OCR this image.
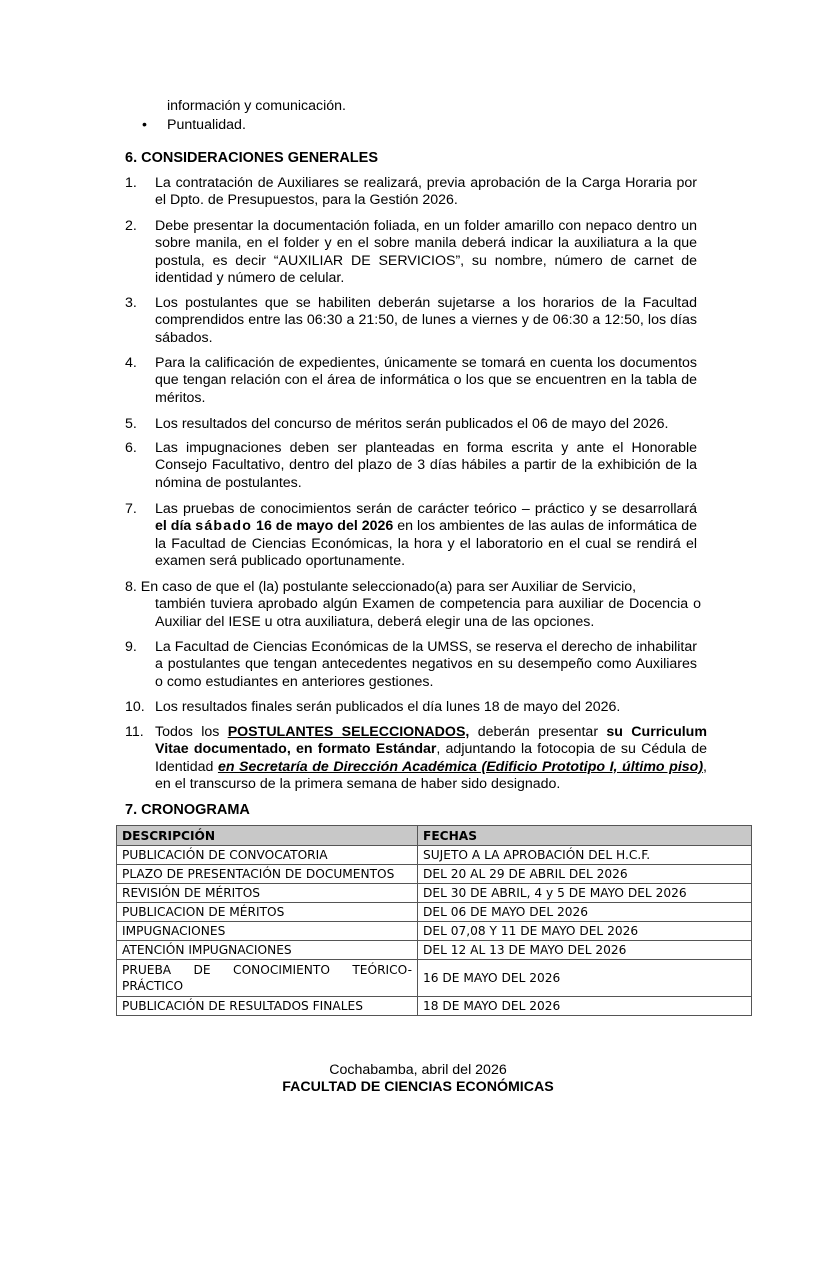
información y comunicación.
•	Puntualidad.
6. CONSIDERACIONES GENERALES
1. La contratación de Auxiliares se realizará, previa aprobación de la Carga Horaria por el Dpto. de Presupuestos, para la Gestión 2026.
2. Debe presentar la documentación foliada, en un folder amarillo con nepaco dentro un sobre manila, en el folder y en el sobre manila deberá indicar la auxiliatura a la que postula, es decir “AUXILIAR DE SERVICIOS”, su nombre, número de carnet de identidad y número de celular.
3. Los postulantes que se habiliten deberán sujetarse a los horarios de la Facultad comprendidos entre las 06:30 a 21:50, de lunes a viernes y de 06:30 a 12:50, los días sábados.
4. Para la calificación de expedientes, únicamente se tomará en cuenta los documentos que tengan relación con el área de informática o los que se encuentren en la tabla de méritos.
5. Los resultados del concurso de méritos serán publicados el 06 de mayo del 2026.
6. Las impugnaciones deben ser planteadas en forma escrita y ante el Honorable Consejo Facultativo, dentro del plazo de 3 días hábiles a partir de la exhibición de la nómina de postulantes.
7. Las pruebas de conocimientos serán de carácter teórico – práctico y se desarrollará el día sábado 16 de mayo del 2026 en los ambientes de las aulas de informática de la Facultad de Ciencias Económicas, la hora y el laboratorio en el cual se rendirá el examen será publicado oportunamente.
8. En caso de que el (la) postulante seleccionado(a) para ser Auxiliar de Servicio,
también tuviera aprobado algún Examen de competencia para auxiliar de Docencia o Auxiliar del IESE u otra auxiliatura, deberá elegir una de las opciones.
9. La Facultad de Ciencias Económicas de la UMSS, se reserva el derecho de inhabilitar a postulantes que tengan antecedentes negativos en su desempeño como Auxiliares o como estudiantes en anteriores gestiones.
10. Los resultados finales serán publicados el día lunes 18 de mayo del 2026.
11. Todos los POSTULANTES SELECCIONADOS, deberán presentar su Curriculum Vitae documentado, en formato Estándar, adjuntando la fotocopia de su Cédula de Identidad en Secretaría de Dirección Académica (Edificio Prototipo I, último piso), en el transcurso de la primera semana de haber sido designado.
7. CRONOGRAMA
DESCRIPCIÓN	FECHAS
PUBLICACIÓN DE CONVOCATORIA	SUJETO A LA APROBACIÓN DEL H.C.F.
PLAZO DE PRESENTACIÓN DE DOCUMENTOS	DEL 20 AL 29 DE ABRIL DEL 2026
REVISIÓN DE MÉRITOS	DEL 30 DE ABRIL, 4 y 5 DE MAYO DEL 2026
PUBLICACION DE MÉRITOS	DEL 06 DE MAYO DEL 2026
IMPUGNACIONES	DEL 07,08 Y 11 DE MAYO DEL 2026
ATENCIÓN IMPUGNACIONES	DEL 12 AL 13 DE MAYO DEL 2026

PRUEBA DE CONOCIMIENTO TEÓRICO-
PRÁCTICO	16 DE MAYO DEL 2026
PUBLICACIÓN DE RESULTADOS FINALES	18 DE MAYO DEL 2026
Cochabamba, abril del 2026
FACULTAD DE CIENCIAS ECONÓMICAS
